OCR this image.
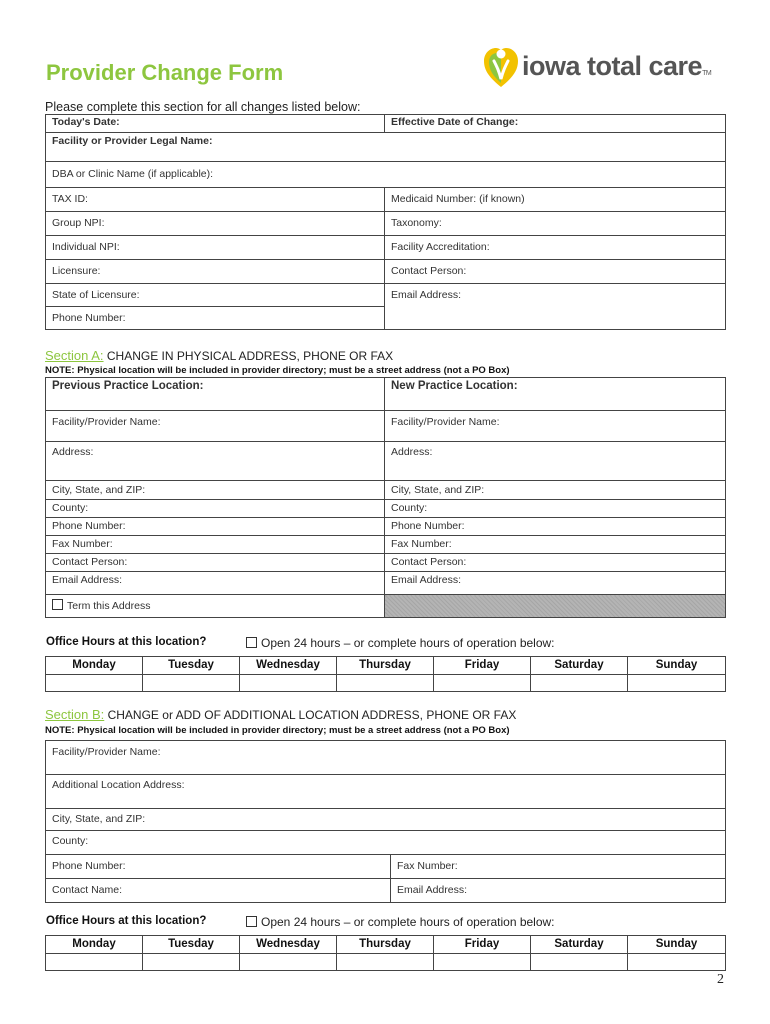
Provider Change Form	iowa total careTM
Please complete this section for all changes listed below:
Today's Date:	Effective Date of Change:
Facility or Provider Legal Name:	
DBA or Clinic Name (if applicable):	
TAX ID:	Medicaid Number: (if known)
Group NPI:	Taxonomy:
Individual NPI:	Facility Accreditation:
Licensure:	Contact Person:
State of Licensure:	Email Address:
Phone Number:	
Section A: CHANGE IN PHYSICAL ADDRESS, PHONE OR FAX
NOTE: Physical location will be included in provider directory; must be a street address (not a PO Box)
Previous Practice Location:	New Practice Location:
Facility/Provider Name:	Facility/Provider Name:
Address:	Address:
City, State, and ZIP:	City, State, and ZIP:
County:	County:
Phone Number:	Phone Number:
Fax Number:	Fax Number:
Contact Person:	Contact Person:
Email Address:	Email Address:
Term this Address	
Office Hours at this location?	Open 24 hours – or complete hours of operation below:
Monday	Tuesday	Wednesday	Thursday	Friday	Saturday	Sunday

Section B: CHANGE or ADD OF ADDITIONAL LOCATION ADDRESS, PHONE OR FAX
NOTE: Physical location will be included in provider directory; must be a street address (not a PO Box)
Facility/Provider Name:	
Additional Location Address:	
City, State, and ZIP:	
County:	
Phone Number:	Fax Number:
Contact Name:	Email Address:
Office Hours at this location?	Open 24 hours – or complete hours of operation below:
Monday	Tuesday	Wednesday	Thursday	Friday	Saturday	Sunday

2
